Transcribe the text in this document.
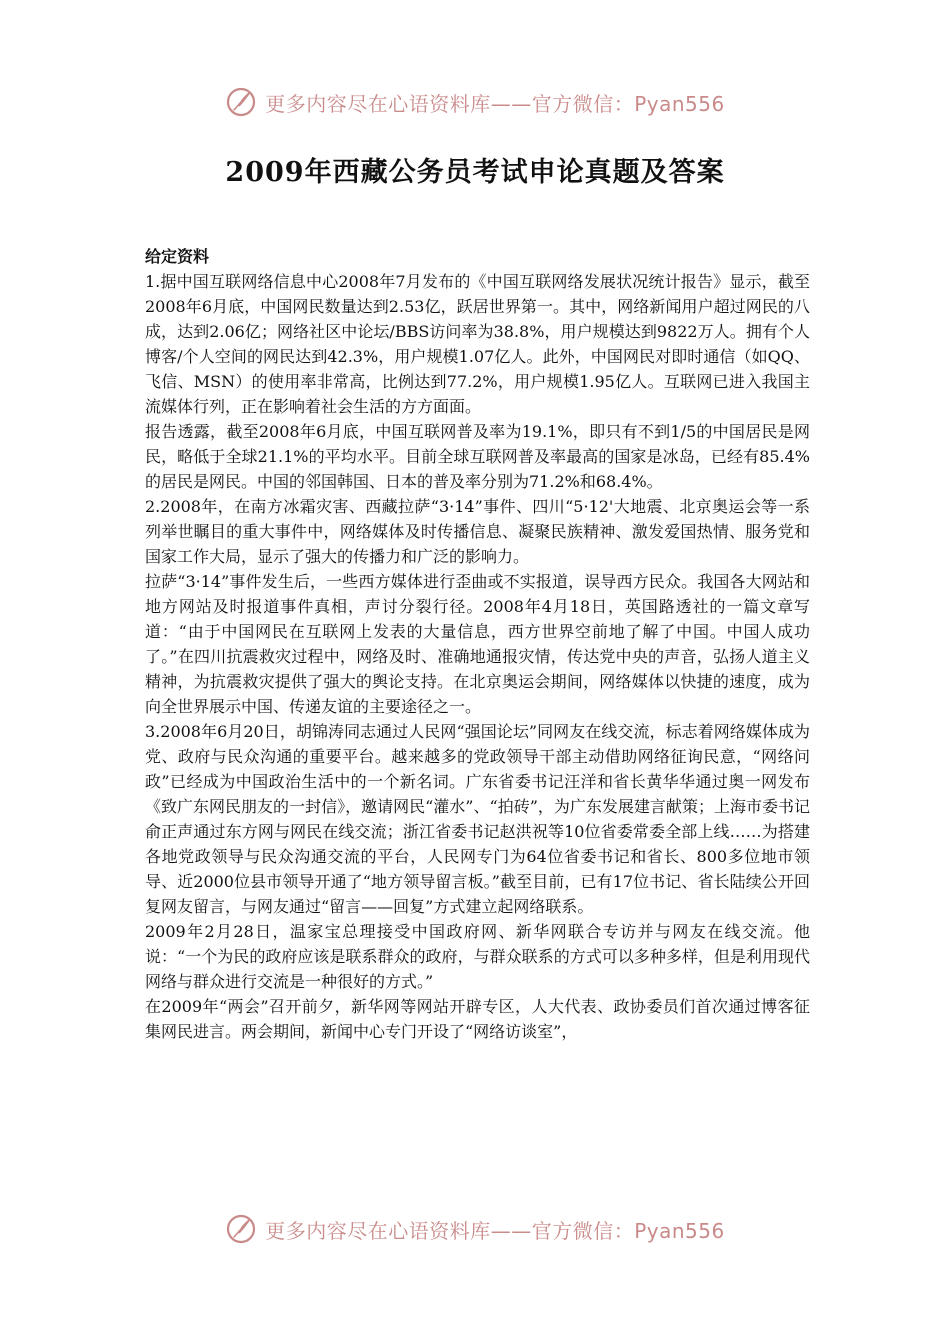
更多内容尽在心语资料库——官方微信：Pyan556
2009年西藏公务员考试申论真题及答案

给定资料

1.据中国互联网络信息中心2008年7月发布的《中国互联网络发展状况统计报告》显示，截至2008年6月底，中国网民数量达到2.53亿，跃居世界第一。其中，网络新闻用户超过网民的八成，达到2.06亿；网络社区中论坛/BBS访问率为38.8%，用户规模达到9822万人。拥有个人博客/个人空间的网民达到42.3%，用户规模1.07亿人。此外，中国网民对即时通信（如QQ、飞信、MSN）的使用率非常高，比例达到77.2%，用户规模1.95亿人。互联网已进入我国主流媒体行列，正在影响着社会生活的方方面面。

报告透露，截至2008年6月底，中国互联网普及率为19.1%，即只有不到1/5的中国居民是网民，略低于全球21.1%的平均水平。目前全球互联网普及率最高的国家是冰岛，已经有85.4%的居民是网民。中国的邻国韩国、日本的普及率分别为71.2%和68.4%。

2.2008年，在南方冰霜灾害、西藏拉萨“3·14”事件、四川“5·12'大地震、北京奥运会等一系列举世瞩目的重大事件中，网络媒体及时传播信息、凝聚民族精神、激发爱国热情、服务党和国家工作大局，显示了强大的传播力和广泛的影响力。

拉萨“3·14”事件发生后，一些西方媒体进行歪曲或不实报道，误导西方民众。我国各大网站和地方网站及时报道事件真相，声讨分裂行径。2008年4月18日，英国路透社的一篇文章写道：“由于中国网民在互联网上发表的大量信息，西方世界空前地了解了中国。中国人成功了。”在四川抗震救灾过程中，网络及时、准确地通报灾情，传达党中央的声音，弘扬人道主义精神，为抗震救灾提供了强大的舆论支持。在北京奥运会期间，网络媒体以快捷的速度，成为向全世界展示中国、传递友谊的主要途径之一。

3.2008年6月20日，胡锦涛同志通过人民网“强国论坛”同网友在线交流，标志着网络媒体成为党、政府与民众沟通的重要平台。越来越多的党政领导干部主动借助网络征询民意，“网络问政”已经成为中国政治生活中的一个新名词。广东省委书记汪洋和省长黄华华通过奥一网发布《致广东网民朋友的一封信》，邀请网民“灌水”、“拍砖”，为广东发展建言献策；上海市委书记俞正声通过东方网与网民在线交流；浙江省委书记赵洪祝等10位省委常委全部上线……为搭建各地党政领导与民众沟通交流的平台，人民网专门为64位省委书记和省长、800多位地市领导、近2000位县市领导开通了“地方领导留言板。”截至目前，已有17位书记、省长陆续公开回复网友留言，与网友通过“留言——回复”方式建立起网络联系。

2009年2月28日，温家宝总理接受中国政府网、新华网联合专访并与网友在线交流。他说：“一个为民的政府应该是联系群众的政府，与群众联系的方式可以多种多样，但是利用现代网络与群众进行交流是一种很好的方式。”

在2009年“两会”召开前夕，新华网等网站开辟专区，人大代表、政协委员们首次通过博客征集网民进言。两会期间，新闻中心专门开设了“网络访谈室”，

更多内容尽在心语资料库——官方微信：Pyan556
